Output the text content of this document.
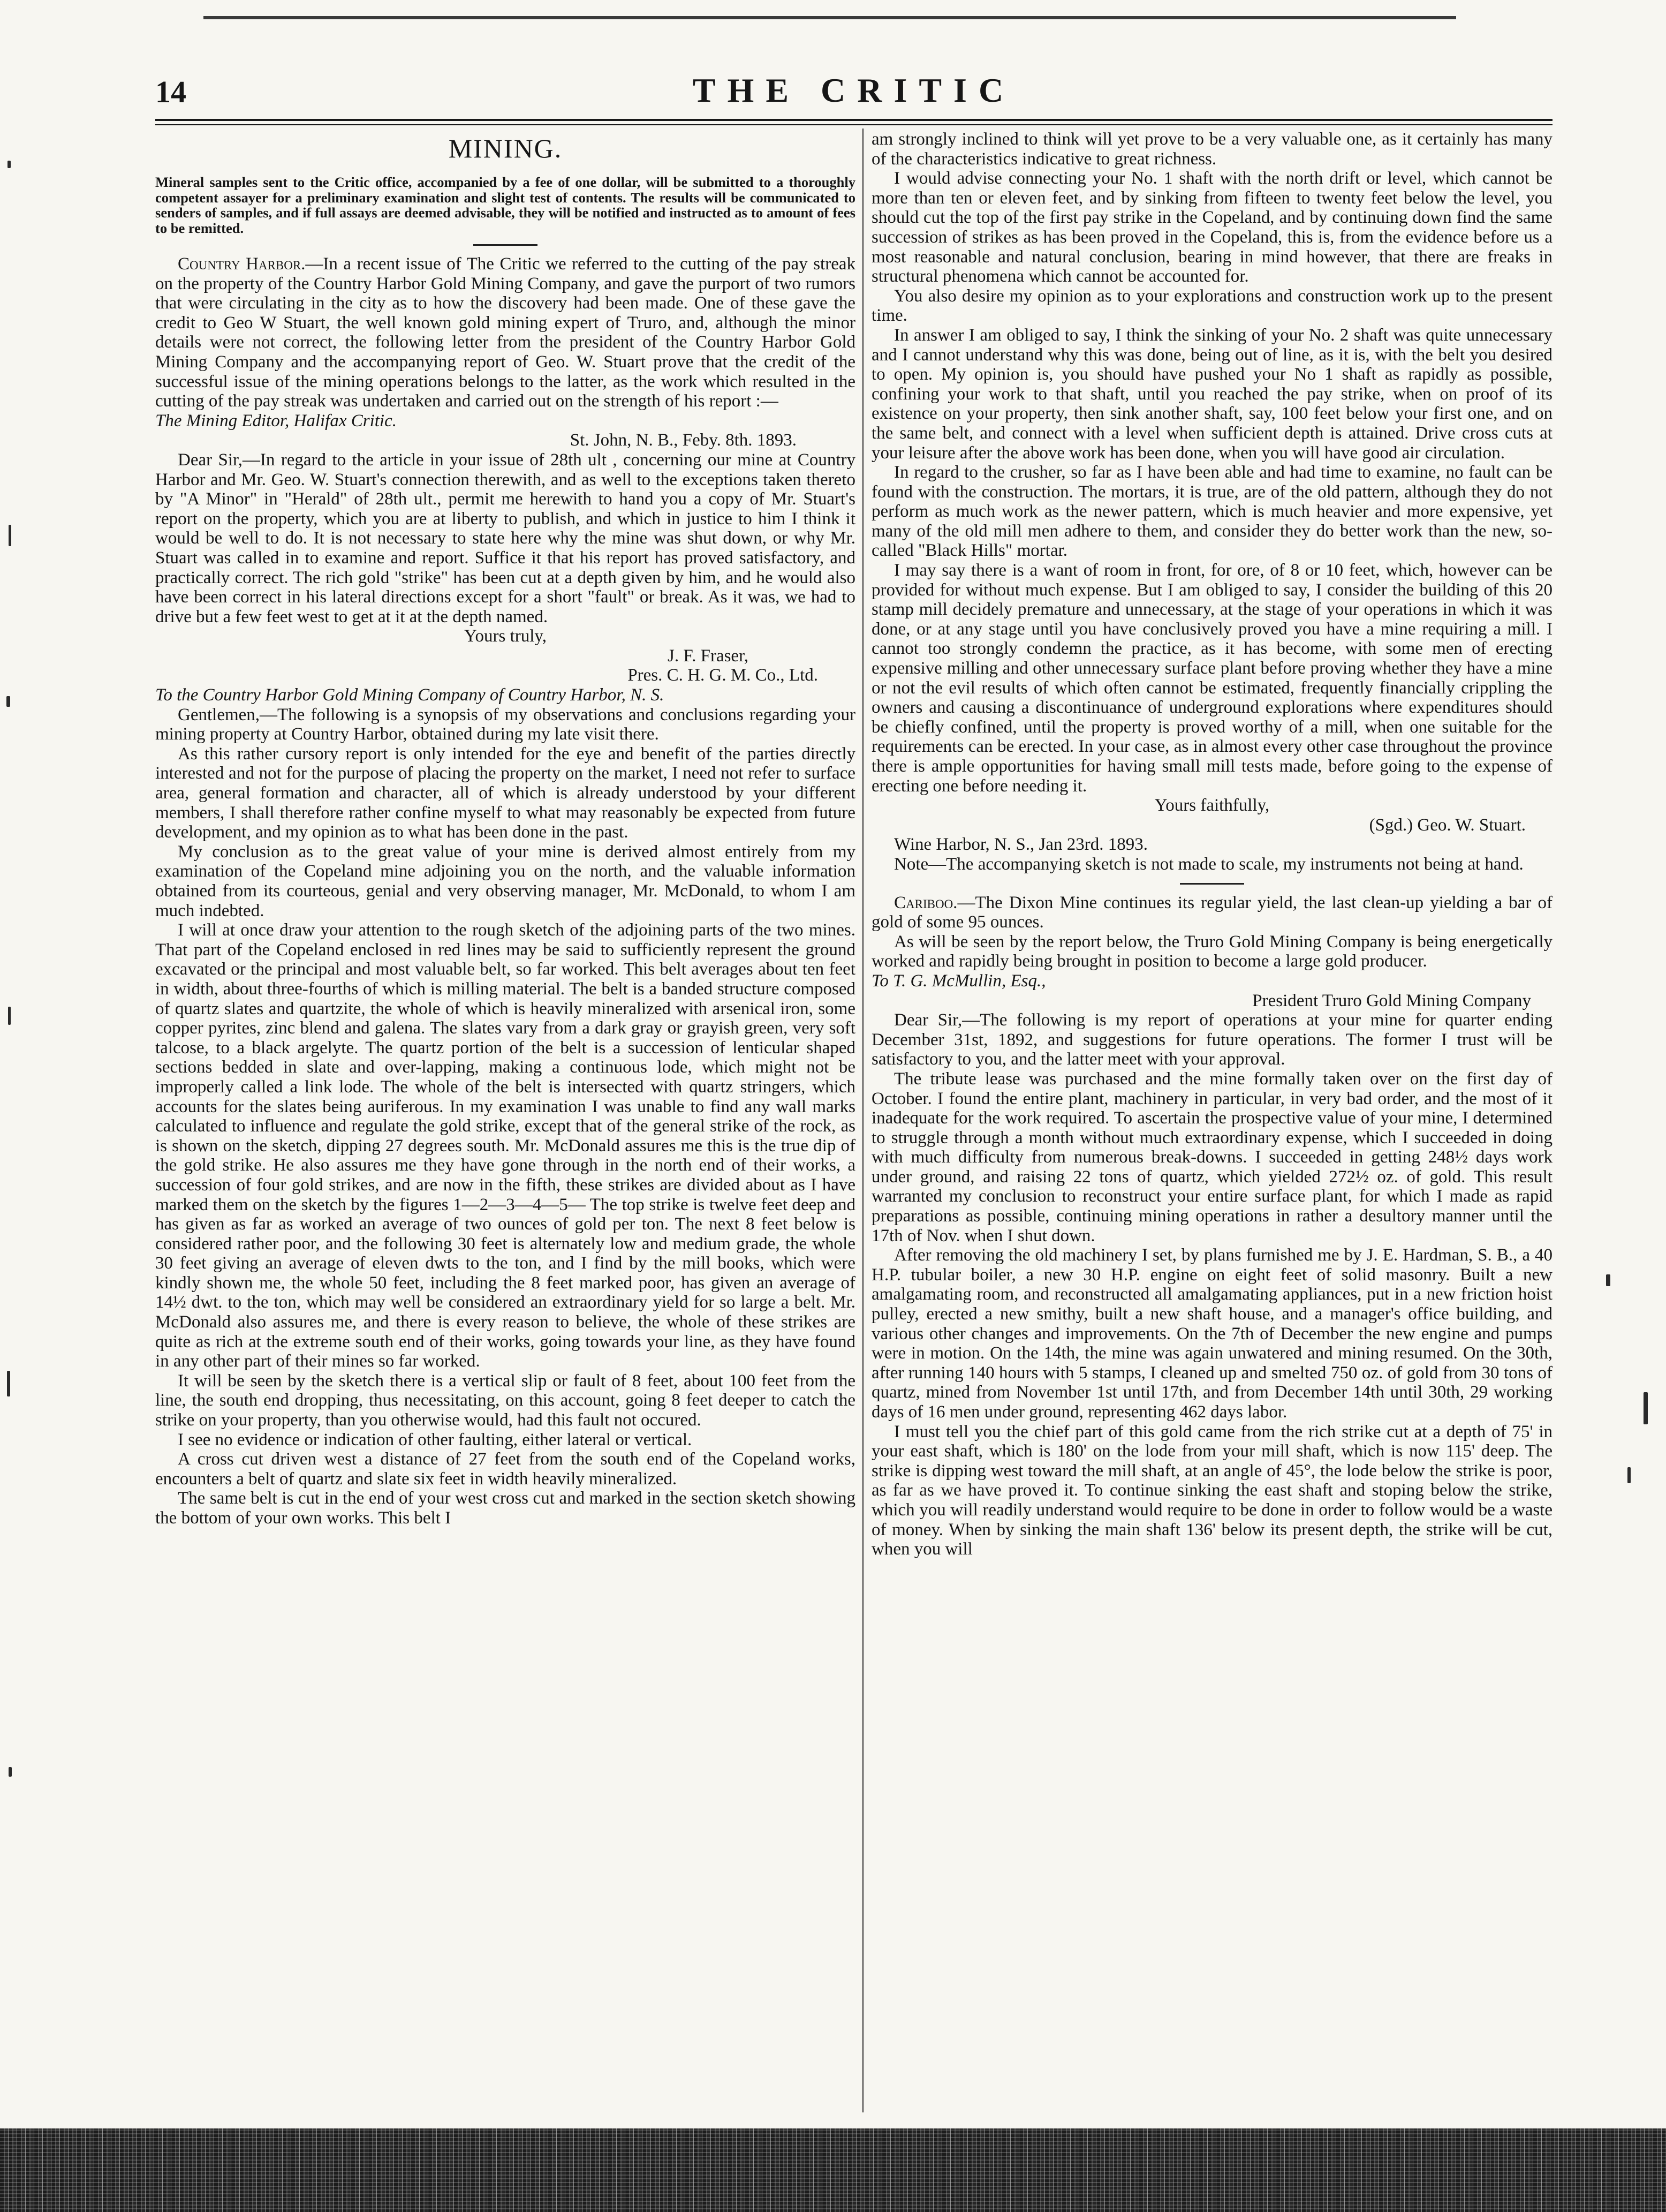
14	THE CRITIC
MINING.

Mineral samples sent to the Critic office, accompanied by a fee of one dollar, will be submitted to a thoroughly competent assayer for a preliminary examination and slight test of contents. The results will be communicated to senders of samples, and if full assays are deemed advisable, they will be notified and instructed as to amount of fees to be remitted.

Country Harbor.—In a recent issue of The Critic we referred to the cutting of the pay streak on the property of the Country Harbor Gold Mining Company, and gave the purport of two rumors that were circulating in the city as to how the discovery had been made. One of these gave the credit to Geo W Stuart, the well known gold mining expert of Truro, and, although the minor details were not correct, the following letter from the president of the Country Harbor Gold Mining Company and the accompanying report of Geo. W. Stuart prove that the credit of the successful issue of the mining operations belongs to the latter, as the work which resulted in the cutting of the pay streak was undertaken and carried out on the strength of his report :—

The Mining Editor, Halifax Critic.

St. John, N. B., Feby. 8th. 1893.

Dear Sir,—In regard to the article in your issue of 28th ult , concerning our mine at Country Harbor and Mr. Geo. W. Stuart's connection therewith, and as well to the exceptions taken thereto by "A Minor" in "Herald" of 28th ult., permit me herewith to hand you a copy of Mr. Stuart's report on the property, which you are at liberty to publish, and which in justice to him I think it would be well to do. It is not necessary to state here why the mine was shut down, or why Mr. Stuart was called in to examine and report. Suffice it that his report has proved satisfactory, and practically correct. The rich gold "strike" has been cut at a depth given by him, and he would also have been correct in his lateral directions except for a short "fault" or break. As it was, we had to drive but a few feet west to get at it at the depth named.

Yours truly,

J. F. Fraser,

Pres. C. H. G. M. Co., Ltd.

To the Country Harbor Gold Mining Company of Country Harbor, N. S.

Gentlemen,—The following is a synopsis of my observations and conclusions regarding your mining property at Country Harbor, obtained during my late visit there.

As this rather cursory report is only intended for the eye and benefit of the parties directly interested and not for the purpose of placing the property on the market, I need not refer to surface area, general formation and character, all of which is already understood by your different members, I shall therefore rather confine myself to what may reasonably be expected from future development, and my opinion as to what has been done in the past.

My conclusion as to the great value of your mine is derived almost entirely from my examination of the Copeland mine adjoining you on the north, and the valuable information obtained from its courteous, genial and very observing manager, Mr. McDonald, to whom I am much indebted.

I will at once draw your attention to the rough sketch of the adjoining parts of the two mines. That part of the Copeland enclosed in red lines may be said to sufficiently represent the ground excavated or the principal and most valuable belt, so far worked. This belt averages about ten feet in width, about three-fourths of which is milling material. The belt is a banded structure composed of quartz slates and quartzite, the whole of which is heavily mineralized with arsenical iron, some copper pyrites, zinc blend and galena. The slates vary from a dark gray or grayish green, very soft talcose, to a black argelyte. The quartz portion of the belt is a succession of lenticular shaped sections bedded in slate and over-lapping, making a continuous lode, which might not be improperly called a link lode. The whole of the belt is intersected with quartz stringers, which accounts for the slates being auriferous. In my examination I was unable to find any wall marks calculated to influence and regulate the gold strike, except that of the general strike of the rock, as is shown on the sketch, dipping 27 degrees south. Mr. McDonald assures me this is the true dip of the gold strike. He also assures me they have gone through in the north end of their works, a succession of four gold strikes, and are now in the fifth, these strikes are divided about as I have marked them on the sketch by the figures 1—2—3—4—5— The top strike is twelve feet deep and has given as far as worked an average of two ounces of gold per ton. The next 8 feet below is considered rather poor, and the following 30 feet is alternately low and medium grade, the whole 30 feet giving an average of eleven dwts to the ton, and I find by the mill books, which were kindly shown me, the whole 50 feet, including the 8 feet marked poor, has given an average of 14½ dwt. to the ton, which may well be considered an extraordinary yield for so large a belt. Mr. McDonald also assures me, and there is every reason to believe, the whole of these strikes are quite as rich at the extreme south end of their works, going towards your line, as they have found in any other part of their mines so far worked.

It will be seen by the sketch there is a vertical slip or fault of 8 feet, about 100 feet from the line, the south end dropping, thus necessitating, on this account, going 8 feet deeper to catch the strike on your property, than you otherwise would, had this fault not occured.

I see no evidence or indication of other faulting, either lateral or vertical.

A cross cut driven west a distance of 27 feet from the south end of the Copeland works, encounters a belt of quartz and slate six feet in width heavily mineralized.

The same belt is cut in the end of your west cross cut and marked in the section sketch showing the bottom of your own works. This belt I

am strongly inclined to think will yet prove to be a very valuable one, as it certainly has many of the characteristics indicative to great richness.

I would advise connecting your No. 1 shaft with the north drift or level, which cannot be more than ten or eleven feet, and by sinking from fifteen to twenty feet below the level, you should cut the top of the first pay strike in the Copeland, and by continuing down find the same succession of strikes as has been proved in the Copeland, this is, from the evidence before us a most reasonable and natural conclusion, bearing in mind however, that there are freaks in structural phenomena which cannot be accounted for.

You also desire my opinion as to your explorations and construction work up to the present time.

In answer I am obliged to say, I think the sinking of your No. 2 shaft was quite unnecessary and I cannot understand why this was done, being out of line, as it is, with the belt you desired to open. My opinion is, you should have pushed your No 1 shaft as rapidly as possible, confining your work to that shaft, until you reached the pay strike, when on proof of its existence on your property, then sink another shaft, say, 100 feet below your first one, and on the same belt, and connect with a level when sufficient depth is attained. Drive cross cuts at your leisure after the above work has been done, when you will have good air circulation.

In regard to the crusher, so far as I have been able and had time to examine, no fault can be found with the construction. The mortars, it is true, are of the old pattern, although they do not perform as much work as the newer pattern, which is much heavier and more expensive, yet many of the old mill men adhere to them, and consider they do better work than the new, so-called "Black Hills" mortar.

I may say there is a want of room in front, for ore, of 8 or 10 feet, which, however can be provided for without much expense. But I am obliged to say, I consider the building of this 20 stamp mill decidely premature and unnecessary, at the stage of your operations in which it was done, or at any stage until you have conclusively proved you have a mine requiring a mill. I cannot too strongly condemn the practice, as it has become, with some men of erecting expensive milling and other unnecessary surface plant before proving whether they have a mine or not the evil results of which often cannot be estimated, frequently financially crippling the owners and causing a discontinuance of underground explorations where expenditures should be chiefly confined, until the property is proved worthy of a mill, when one suitable for the requirements can be erected. In your case, as in almost every other case throughout the province there is ample opportunities for having small mill tests made, before going to the expense of erecting one before needing it.

Yours faithfully,

(Sgd.) Geo. W. Stuart.

Wine Harbor, N. S., Jan 23rd. 1893.

Note—The accompanying sketch is not made to scale, my instruments not being at hand.

Cariboo.—The Dixon Mine continues its regular yield, the last clean-up yielding a bar of gold of some 95 ounces.

As will be seen by the report below, the Truro Gold Mining Company is being energetically worked and rapidly being brought in position to become a large gold producer.

To T. G. McMullin, Esq.,

President Truro Gold Mining Company

Dear Sir,—The following is my report of operations at your mine for quarter ending December 31st, 1892, and suggestions for future operations. The former I trust will be satisfactory to you, and the latter meet with your approval.

The tribute lease was purchased and the mine formally taken over on the first day of October. I found the entire plant, machinery in particular, in very bad order, and the most of it inadequate for the work required. To ascertain the prospective value of your mine, I determined to struggle through a month without much extraordinary expense, which I succeeded in doing with much difficulty from numerous break-downs. I succeeded in getting 248½ days work under ground, and raising 22 tons of quartz, which yielded 272½ oz. of gold. This result warranted my conclusion to reconstruct your entire surface plant, for which I made as rapid preparations as possible, continuing mining operations in rather a desultory manner until the 17th of Nov. when I shut down.

After removing the old machinery I set, by plans furnished me by J. E. Hardman, S. B., a 40 H.P. tubular boiler, a new 30 H.P. engine on eight feet of solid masonry. Built a new amalgamating room, and reconstructed all amalgamating appliances, put in a new friction hoist pulley, erected a new smithy, built a new shaft house, and a manager's office building, and various other changes and improvements. On the 7th of December the new engine and pumps were in motion. On the 14th, the mine was again unwatered and mining resumed. On the 30th, after running 140 hours with 5 stamps, I cleaned up and smelted 750 oz. of gold from 30 tons of quartz, mined from November 1st until 17th, and from December 14th until 30th, 29 working days of 16 men under ground, representing 462 days labor.

I must tell you the chief part of this gold came from the rich strike cut at a depth of 75' in your east shaft, which is 180' on the lode from your mill shaft, which is now 115' deep. The strike is dipping west toward the mill shaft, at an angle of 45°, the lode below the strike is poor, as far as we have proved it. To continue sinking the east shaft and stoping below the strike, which you will readily understand would require to be done in order to follow would be a waste of money. When by sinking the main shaft 136' below its present depth, the strike will be cut, when you will
